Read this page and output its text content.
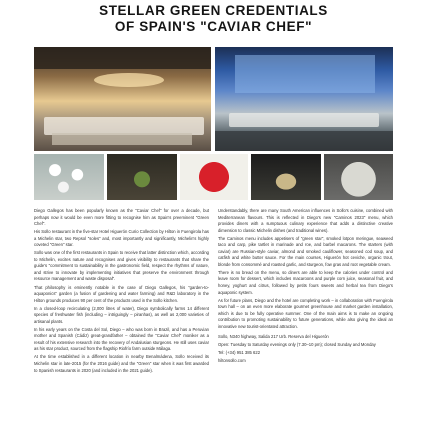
STELLAR GREEN CREDENTIALS
OF SPAIN'S "CAVIAR CHEF"

Diego Gallegos has been popularly known as the "Caviar Chef" for over a decade, but perhaps now it would be even more fitting to recognise him as Spain's preeminent "Green Chef".

His Sollo restaurant in the five-star Hotel Higuerón Curio Collection by Hilton in Fuengirola has a Michelin star, two Repsol "soles" and, most importantly and significantly, Michelin's highly coveted "Green" star.

Sollo was one of the first restaurants in Spain to receive that latter distinction which, according to Michelin, excites nature and recognises and gives visibility to restaurants that share the guide's "commitment to sustainability in the gastronomic field, respect the rhythms of nature, and strive to innovate by implementing initiatives that preserve the environment through resource management and waste disposal".

That philosophy is eminently notable in the case of Diego Gallegos, his "garden-to-aquaponics" garden (a fusion of gardening and water farming) and R&D laboratory in the Hilton grounds produces 90 per cent of the products used in the Sollo kitchen.

In a closed-loop recirculating (2,000 litres of water), Diego symbolically farms 14 different species of freshwater fish (including – intriguingly – piranhas), as well as 2,000 varieties of artisanal plants.

In his early years on the Costa del Sol, Diego – who was born in Brazil, and has a Peruvian mother and Spanish (Cádiz) great-grandfather – obtained the "Caviar Chef" moniker as a result of his extensive research into the recovery of Andalusian sturgeons. He still uses caviar as his star product, sourced from the flagship Riofrío farm outside Málaga.

At the time established in a different location in nearby Benalmádena, Sollo received its Michelin star in late-2015 (for the 2016 guide) and the "Green" star when it was first awarded to Spanish restaurants in 2020 (and included in the 2021 guide).

Understandably, there are many South American influences in Sollo's cuisine, combined with Mediterranean flavours. This is reflected in Diego's new "Caminos 2023" menu, which provides diners with a sumptuous culinary experience that adds a distinctive creative dimension to classic Michelin dishes (and traditional wines).

The Caminos menu includes appetisers of "green star", smoked lotpon meringue, seaweed taco and carp, pike tartlet in marinade and roe, and barbel macarons. The starters (with caviar) are Russian-style caviar, almond and smoked cauliflower, seasoned cod soup, and catfish and white butter sauce. For the main courses, Higuerón hot ceviche, organic trout, blonde from consommé and roasted garlic, and sturgeon, fow gras and root vegetable cream.

There is no bread on the menu, so diners are able to keep the calories under control and leave room for dessert, which includes macaroons and purple corn juice, seasonal fruit, and honey, yoghurt and citrus, followed by petits fours sweets and herbal tea from Diego's aquaponic system.

As for future plans, Diego and the hotel are completing work – in collaboration with Fuengirola town hall – on an even more elaborate gourmet greenhouse and market garden installation, which is due to be fully operative summer. One of the main aims is to make an ongoing contribution to promoting sustainability to future generations, while also giving the ideal an innovative new tourist-orientated attraction.

Sollo, N340 highway, Salida 217 Urb. Reserva del Higuerón

Open: Tuesday to Saturday evenings only (7.30–10 pm); closed Sunday and Monday

Tel: (+34) 951 385 622

hiltonsollo.com
